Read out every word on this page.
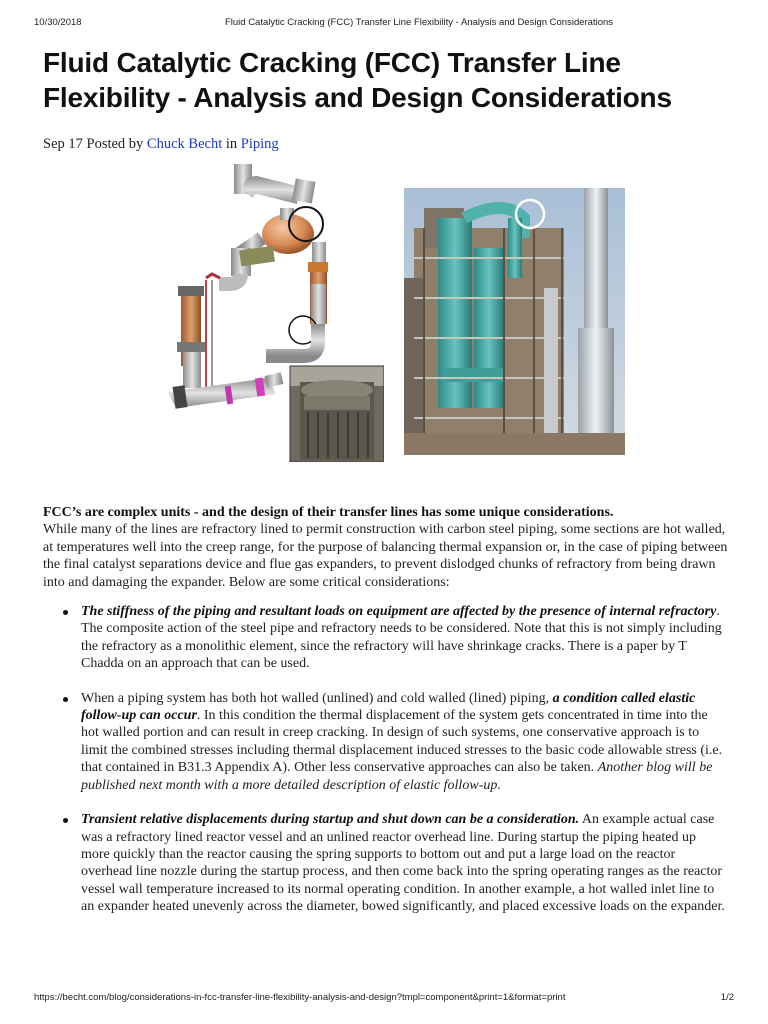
10/30/2018	Fluid Catalytic Cracking (FCC) Transfer Line Flexibility - Analysis and Design Considerations
Fluid Catalytic Cracking (FCC) Transfer Line Flexibility - Analysis and Design Considerations
Sep 17 Posted by Chuck Becht in Piping

FCC’s are complex units - and the design of their transfer lines has some unique considerations.

While many of the lines are refractory lined to permit construction with carbon steel piping, some sections are hot walled, at temperatures well into the creep range, for the purpose of balancing thermal expansion or, in the case of piping between the final catalyst separations device and flue gas expanders, to prevent dislodged chunks of refractory from being drawn into and damaging the expander. Below are some critical considerations:

The stiffness of the piping and resultant loads on equipment are affected by the presence of internal refractory. The composite action of the steel pipe and refractory needs to be considered. Note that this is not simply including the refractory as a monolithic element, since the refractory will have shrinkage cracks. There is a paper by T Chadda on an approach that can be used.
When a piping system has both hot walled (unlined) and cold walled (lined) piping, a condition called elastic follow-up can occur. In this condition the thermal displacement of the system gets concentrated in time into the hot walled portion and can result in creep cracking. In design of such systems, one conservative approach is to limit the combined stresses including thermal displacement induced stresses to the basic code allowable stress (i.e. that contained in B31.3 Appendix A). Other less conservative approaches can also be taken. Another blog will be published next month with a more detailed description of elastic follow-up.
Transient relative displacements during startup and shut down can be a consideration. An example actual case was a refractory lined reactor vessel and an unlined reactor overhead line. During startup the piping heated up more quickly than the reactor causing the spring supports to bottom out and put a large load on the reactor overhead line nozzle during the startup process, and then come back into the spring operating ranges as the reactor vessel wall temperature increased to its normal operating condition. In another example, a hot walled inlet line to an expander heated unevenly across the diameter, bowed significantly, and placed excessive loads on the expander.
https://becht.com/blog/considerations-in-fcc-transfer-line-flexibility-analysis-and-design?tmpl=component&print=1&format=print	1/2
